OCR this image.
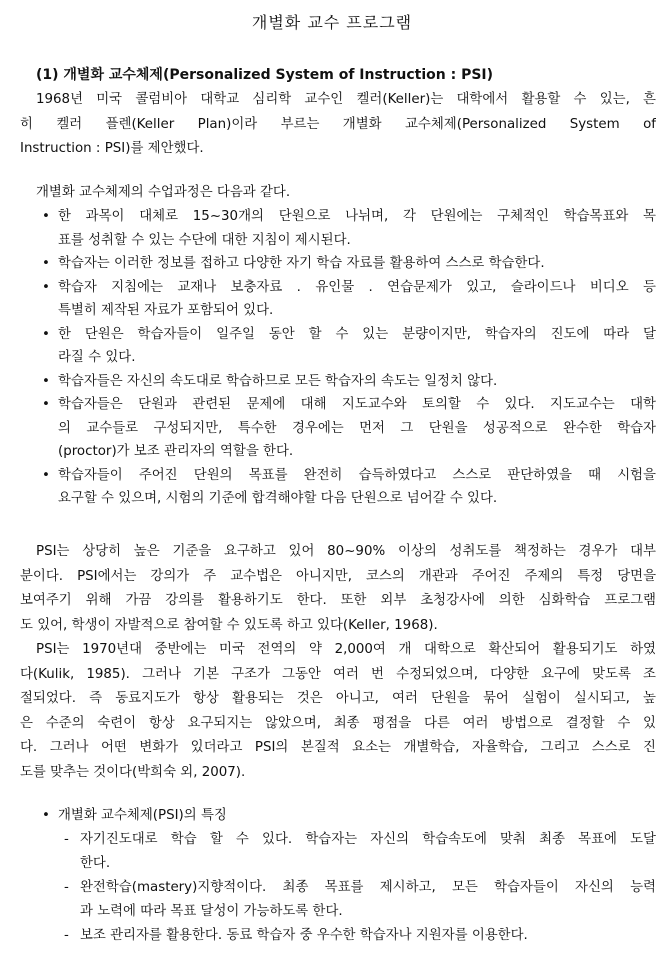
개별화 교수 프로그램
(1) 개별화 교수체제(Personalized System of Instruction : PSI)
1968년 미국 콜럼비아 대학교 심리학 교수인 켈러(Keller)는 대학에서 활용할 수 있는, 흔
히 켈러 플렌(Keller Plan)이라 부르는 개별화 교수체제(Personalized System of
Instruction : PSI)를 제안했다.
개별화 교수체제의 수업과정은 다음과 같다.
• 한 과목이 대체로 15~30개의 단원으로 나뉘며, 각 단원에는 구체적인 학습목표와 목
표를 성취할 수 있는 수단에 대한 지침이 제시된다.
• 학습자는 이러한 정보를 접하고 다양한 자기 학습 자료를 활용하여 스스로 학습한다.
• 학습자 지침에는 교재나 보충자료 . 유인물 . 연습문제가 있고, 슬라이드나 비디오 등
특별히 제작된 자료가 포함되어 있다.
• 한 단원은 학습자들이 일주일 동안 할 수 있는 분량이지만, 학습자의 진도에 따라 달
라질 수 있다.
• 학습자들은 자신의 속도대로 학습하므로 모든 학습자의 속도는 일정치 않다.
• 학습자들은 단원과 관련된 문제에 대해 지도교수와 토의할 수 있다. 지도교수는 대학
의 교수들로 구성되지만, 특수한 경우에는 먼저 그 단원을 성공적으로 완수한 학습자
(proctor)가 보조 관리자의 역할을 한다.
• 학습자들이 주어진 단원의 목표를 완전히 습득하였다고 스스로 판단하였을 때 시험을
요구할 수 있으며, 시험의 기준에 합격해야할 다음 단원으로 넘어갈 수 있다.
PSI는 상당히 높은 기준을 요구하고 있어 80~90% 이상의 성취도를 책정하는 경우가 대부
분이다. PSI에서는 강의가 주 교수법은 아니지만, 코스의 개관과 주어진 주제의 특정 당면을
보여주기 위해 가끔 강의를 활용하기도 한다. 또한 외부 초청강사에 의한 심화학습 프로그램
도 있어, 학생이 자발적으로 참여할 수 있도록 하고 있다(Keller, 1968).
PSI는 1970년대 중반에는 미국 전역의 약 2,000여 개 대학으로 확산되어 활용되기도 하였
다(Kulik, 1985). 그러나 기본 구조가 그동안 여러 번 수정되었으며, 다양한 요구에 맞도록 조
절되었다. 즉 동료지도가 항상 활용되는 것은 아니고, 여러 단원을 묶어 실험이 실시되고, 높
은 수준의 숙련이 항상 요구되지는 않았으며, 최종 평점을 다른 여러 방법으로 결정할 수 있
다. 그러나 어떤 변화가 있더라고 PSI의 본질적 요소는 개별학습, 자율학습, 그리고 스스로 진
도를 맞추는 것이다(박희숙 외, 2007).
• 개별화 교수체제(PSI)의 특징
- 자기진도대로 학습 할 수 있다. 학습자는 자신의 학습속도에 맞춰 최종 목표에 도달
한다.
- 완전학습(mastery)지향적이다. 최종 목표를 제시하고, 모든 학습자들이 자신의 능력
과 노력에 따라 목표 달성이 가능하도록 한다.
- 보조 관리자를 활용한다. 동료 학습자 중 우수한 학습자나 지원자를 이용한다.
